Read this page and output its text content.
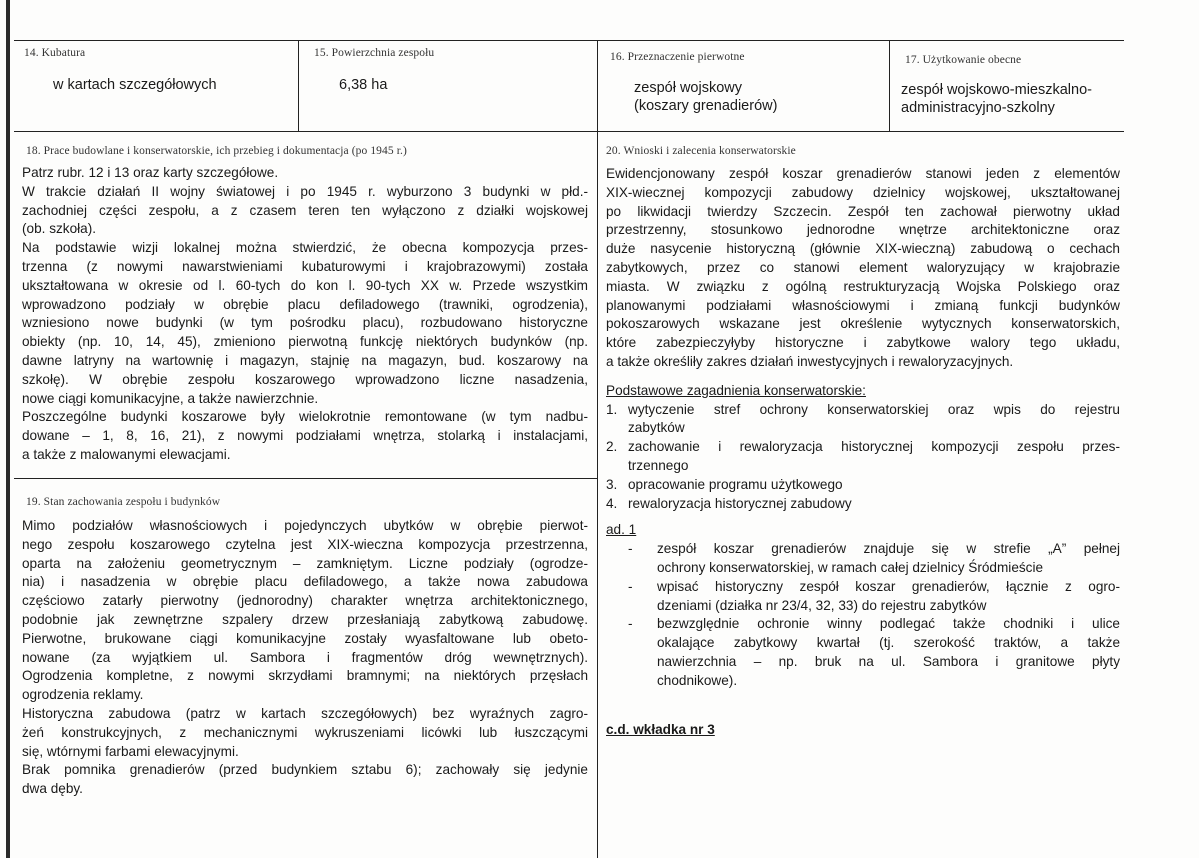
14. Kubatura
w kartach szczegółowych
15. Powierzchnia zespołu
6,38 ha
16. Przeznaczenie pierwotne
zespół wojskowy
(koszary grenadierów)
17. Użytkowanie obecne
zespół wojskowo-mieszkalno-
administracyjno-szkolny
18. Prace budowlane i konserwatorskie, ich przebieg i dokumentacja (po 1945 r.)
Patrz rubr. 12 i 13 oraz karty szczegółowe.
W trakcie działań II wojny światowej i po 1945 r. wyburzono 3 budynki w płd.-
zachodniej części zespołu, a z czasem teren ten wyłączono z działki wojskowej
(ob. szkoła).
Na podstawie wizji lokalnej można stwierdzić, że obecna kompozycja przes-
trzenna (z nowymi nawarstwieniami kubaturowymi i krajobrazowymi) została
ukształtowana w okresie od l. 60-tych do kon l. 90-tych XX w. Przede wszystkim
wprowadzono podziały w obrębie placu defiladowego (trawniki, ogrodzenia),
wzniesiono nowe budynki (w tym pośrodku placu), rozbudowano historyczne
obiekty (np. 10, 14, 45), zmieniono pierwotną funkcję niektórych budynków (np.
dawne latryny na wartownię i magazyn, stajnię na magazyn, bud. koszarowy na
szkołę). W obrębie zespołu koszarowego wprowadzono liczne nasadzenia,
nowe ciągi komunikacyjne, a także nawierzchnie.
Poszczególne budynki koszarowe były wielokrotnie remontowane (w tym nadbu-
dowane – 1, 8, 16, 21), z nowymi podziałami wnętrza, stolarką i instalacjami,
a także z malowanymi elewacjami.
19. Stan zachowania zespołu i budynków
Mimo podziałów własnościowych i pojedynczych ubytków w obrębie pierwot-
nego zespołu koszarowego czytelna jest XIX-wieczna kompozycja przestrzenna,
oparta na założeniu geometrycznym – zamkniętym. Liczne podziały (ogrodze-
nia) i nasadzenia w obrębie placu defiladowego, a także nowa zabudowa
częściowo zatarły pierwotny (jednorodny) charakter wnętrza architektonicznego,
podobnie jak zewnętrzne szpalery drzew przesłaniają zabytkową zabudowę.
Pierwotne, brukowane ciągi komunikacyjne zostały wyasfaltowane lub obeto-
nowane (za wyjątkiem ul. Sambora i fragmentów dróg wewnętrznych).
Ogrodzenia kompletne, z nowymi skrzydłami bramnymi; na niektórych przęsłach
ogrodzenia reklamy.
Historyczna zabudowa (patrz w kartach szczegółowych) bez wyraźnych zagro-
żeń konstrukcyjnych, z mechanicznymi wykruszeniami licówki lub łuszczącymi
się, wtórnymi farbami elewacyjnymi.
Brak pomnika grenadierów (przed budynkiem sztabu 6); zachowały się jedynie
dwa dęby.
20. Wnioski i zalecenia konserwatorskie
Ewidencjonowany zespół koszar grenadierów stanowi jeden z elementów
XIX-wiecznej kompozycji zabudowy dzielnicy wojskowej, ukształtowanej
po likwidacji twierdzy Szczecin. Zespół ten zachował pierwotny układ
przestrzenny, stosunkowo jednorodne wnętrze architektoniczne oraz
duże nasycenie historyczną (głównie XIX-wieczną) zabudową o cechach
zabytkowych, przez co stanowi element waloryzujący w krajobrazie
miasta. W związku z ogólną restrukturyzacją Wojska Polskiego oraz
planowanymi podziałami własnościowymi i zmianą funkcji budynków
pokoszarowych wskazane jest określenie wytycznych konserwatorskich,
które zabezpieczyłyby historyczne i zabytkowe walory tego układu,
a także określiły zakres działań inwestycyjnych i rewaloryzacyjnych.
Podstawowe zagadnienia konserwatorskie:
1. wytyczenie stref ochrony konserwatorskiej oraz wpis do rejestru
zabytków
2. zachowanie i rewaloryzacja historycznej kompozycji zespołu przes-
trzennego
3. opracowanie programu użytkowego
4. rewaloryzacja historycznej zabudowy
ad. 1
- zespół koszar grenadierów znajduje się w strefie „A” pełnej
ochrony konserwatorskiej, w ramach całej dzielnicy Śródmieście
- wpisać historyczny zespół koszar grenadierów, łącznie z ogro-
dzeniami (działka nr 23/4, 32, 33) do rejestru zabytków
- bezwzględnie ochronie winny podlegać także chodniki i ulice
okalające zabytkowy kwartał (tj. szerokość traktów, a także
nawierzchnia – np. bruk na ul. Sambora i granitowe płyty
chodnikowe).
c.d. wkładka nr 3
